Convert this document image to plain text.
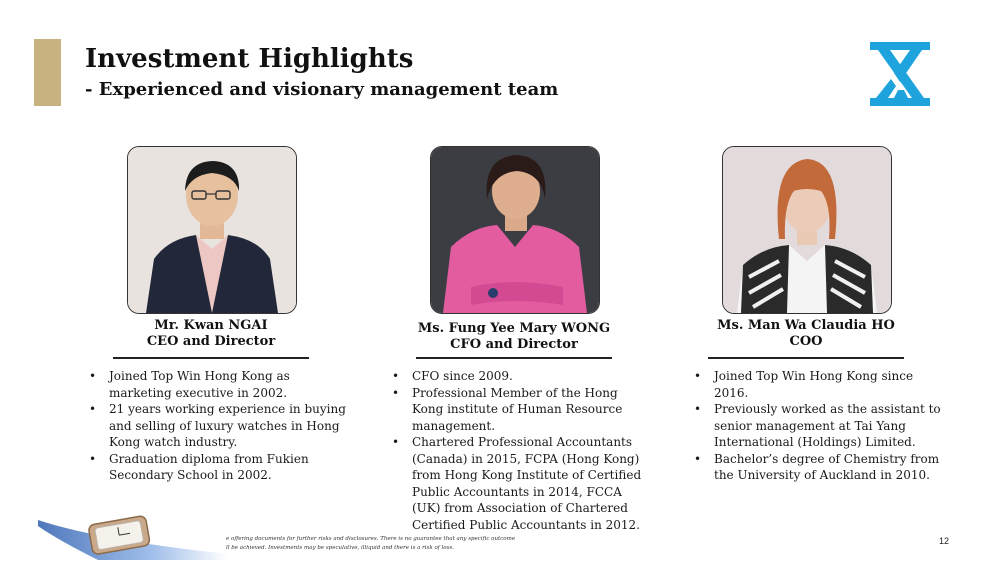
Investment Highlights
- Experienced and visionary management team
Mr. Kwan NGAI
CEO and Director
Ms. Fung Yee Mary WONG
CFO and Director
Ms. Man Wa Claudia HO
COO
• Joined Top Win Hong Kong as
marketing executive in 2002.
• 21 years working experience in buying
and selling of luxury watches in Hong
Kong watch industry.
• Graduation diploma from Fukien
Secondary School in 2002.
• CFO since 2009.
• Professional Member of the Hong
Kong institute of Human Resource
management.
• Chartered Professional Accountants
(Canada) in 2015, FCPA (Hong Kong)
from Hong Kong Institute of Certified
Public Accountants in 2014, FCCA
(UK) from Association of Chartered
Certified Public Accountants in 2012.
• Joined Top Win Hong Kong since
2016.
• Previously worked as the assistant to
senior management at Tai Yang
International (Holdings) Limited.
• Bachelor’s degree of Chemistry from
the University of Auckland in 2010.
e offering documents for further risks and disclosures. There is no guarantee that any specific outcome
ll be achieved. Investments may be speculative, illiquid and there is a risk of loss.
12
